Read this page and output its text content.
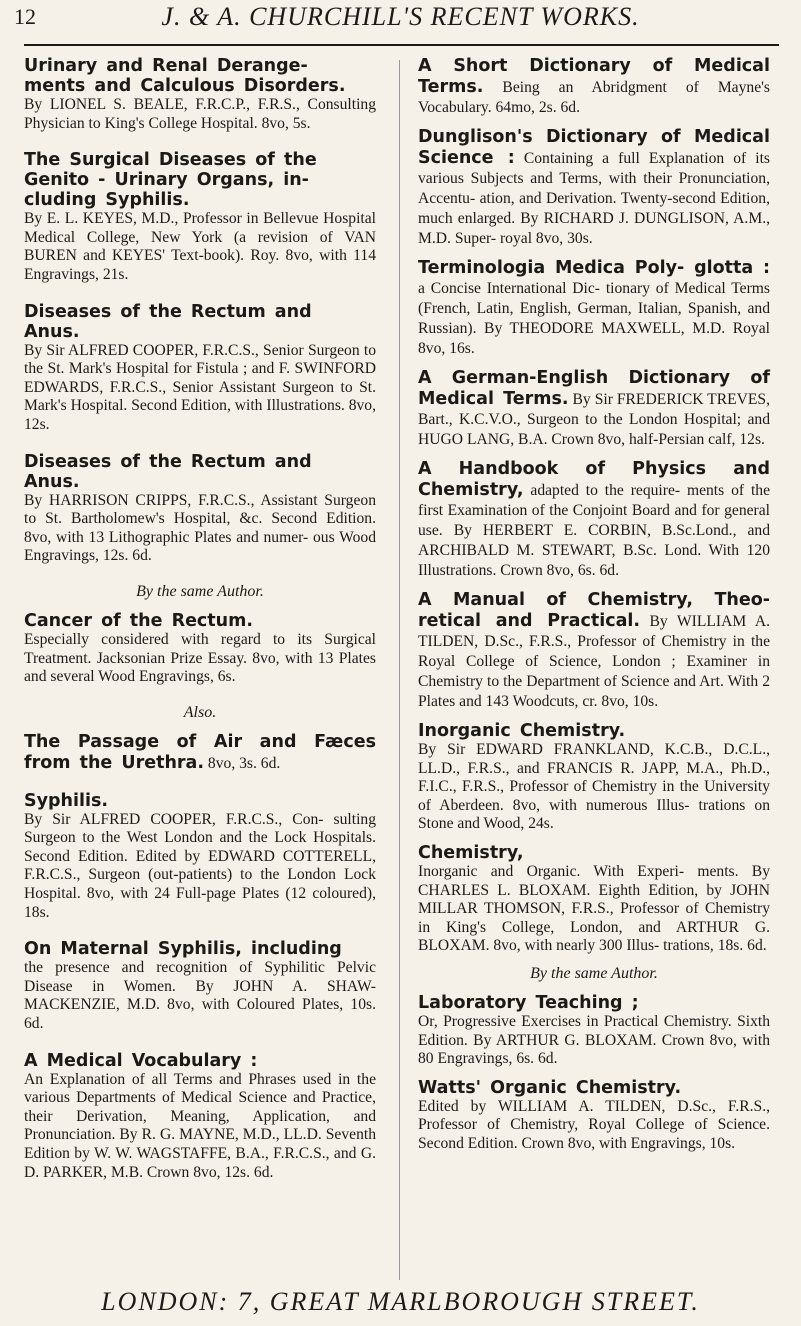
12	J. & A. CHURCHILL'S RECENT WORKS.
Urinary and Renal Derange- ments and Calculous Disorders.
By LIONEL S. BEALE, F.R.C.P., F.R.S., Consulting Physician to King's College Hospital. 8vo, 5s.
The Surgical Diseases of the Genito - Urinary Organs, in- cluding Syphilis.
By E. L. KEYES, M.D., Professor in Bellevue Hospital Medical College, New York (a revision of VAN BUREN and KEYES' Text-book). Roy. 8vo, with 114 Engravings, 21s.
Diseases of the Rectum and Anus.
By Sir ALFRED COOPER, F.R.C.S., Senior Surgeon to the St. Mark's Hospital for Fistula ; and F. SWINFORD EDWARDS, F.R.C.S., Senior Assistant Surgeon to St. Mark's Hospital. Second Edition, with Illustrations. 8vo, 12s.
Diseases of the Rectum and Anus.
By HARRISON CRIPPS, F.R.C.S., Assistant Surgeon to St. Bartholomew's Hospital, &c. Second Edition. 8vo, with 13 Lithographic Plates and numer- ous Wood Engravings, 12s. 6d.
By the same Author.
Cancer of the Rectum.
Especially considered with regard to its Surgical Treatment. Jacksonian Prize Essay. 8vo, with 13 Plates and several Wood Engravings, 6s.
Also.
The Passage of Air and Fæces from the Urethra. 8vo, 3s. 6d.
Syphilis.
By Sir ALFRED COOPER, F.R.C.S., Con- sulting Surgeon to the West London and the Lock Hospitals. Second Edition. Edited by EDWARD COTTERELL, F.R.C.S., Surgeon (out-patients) to the London Lock Hospital. 8vo, with 24 Full-page Plates (12 coloured), 18s.
On Maternal Syphilis, including
the presence and recognition of Syphilitic Pelvic Disease in Women. By JOHN A. SHAW-MACKENZIE, M.D. 8vo, with Coloured Plates, 10s. 6d.
A Medical Vocabulary :
An Explanation of all Terms and Phrases used in the various Departments of Medical Science and Practice, their Derivation, Meaning, Application, and Pronunciation. By R. G. MAYNE, M.D., LL.D. Seventh Edition by W. W. WAGSTAFFE, B.A., F.R.C.S., and G. D. PARKER, M.B. Crown 8vo, 12s. 6d.
A Short Dictionary of Medical Terms. Being an Abridgment of Mayne's Vocabulary. 64mo, 2s. 6d.
Dunglison's Dictionary of Medical Science : Containing a full Explanation of its various Subjects and Terms, with their Pronunciation, Accentu- ation, and Derivation. Twenty-second Edition, much enlarged. By RICHARD J. DUNGLISON, A.M., M.D. Super- royal 8vo, 30s.
Terminologia Medica Poly- glotta : a Concise International Dic- tionary of Medical Terms (French, Latin, English, German, Italian, Spanish, and Russian). By THEODORE MAXWELL, M.D. Royal 8vo, 16s.
A German-English Dictionary of Medical Terms. By Sir FREDERICK TREVES, Bart., K.C.V.O., Surgeon to the London Hospital; and HUGO LANG, B.A. Crown 8vo, half-Persian calf, 12s.
A Handbook of Physics and Chemistry, adapted to the require- ments of the first Examination of the Conjoint Board and for general use. By HERBERT E. CORBIN, B.Sc.Lond., and ARCHIBALD M. STEWART, B.Sc. Lond. With 120 Illustrations. Crown 8vo, 6s. 6d.
A Manual of Chemistry, Theo- retical and Practical. By WILLIAM A. TILDEN, D.Sc., F.R.S., Professor of Chemistry in the Royal College of Science, London ; Examiner in Chemistry to the Department of Science and Art. With 2 Plates and 143 Woodcuts, cr. 8vo, 10s.
Inorganic Chemistry.
By Sir EDWARD FRANKLAND, K.C.B., D.C.L., LL.D., F.R.S., and FRANCIS R. JAPP, M.A., Ph.D., F.I.C., F.R.S., Professor of Chemistry in the University of Aberdeen. 8vo, with numerous Illus- trations on Stone and Wood, 24s.
Chemistry,
Inorganic and Organic. With Experi- ments. By CHARLES L. BLOXAM. Eighth Edition, by JOHN MILLAR THOMSON, F.R.S., Professor of Chemistry in King's College, London, and ARTHUR G. BLOXAM. 8vo, with nearly 300 Illus- trations, 18s. 6d.
By the same Author.
Laboratory Teaching ;
Or, Progressive Exercises in Practical Chemistry. Sixth Edition. By ARTHUR G. BLOXAM. Crown 8vo, with 80 Engravings, 6s. 6d.
Watts' Organic Chemistry.
Edited by WILLIAM A. TILDEN, D.Sc., F.R.S., Professor of Chemistry, Royal College of Science. Second Edition. Crown 8vo, with Engravings, 10s.
LONDON: 7, GREAT MARLBOROUGH STREET.
